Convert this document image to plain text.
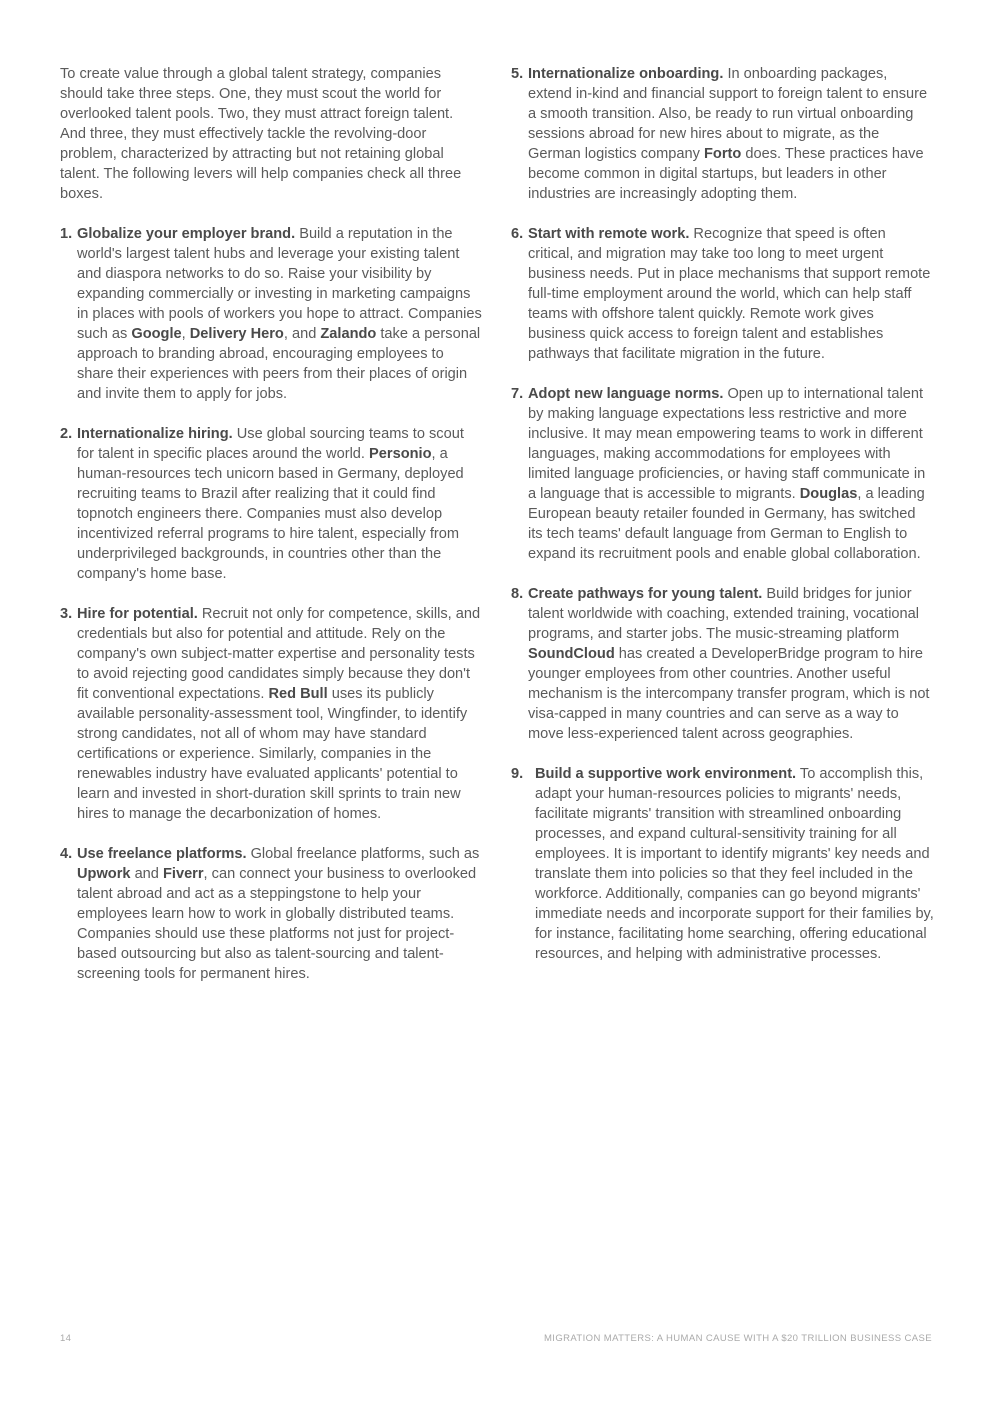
To create value through a global talent strategy, companies should take three steps. One, they must scout the world for overlooked talent pools. Two, they must attract foreign talent. And three, they must effectively tackle the revolving-door problem, characterized by attracting but not retaining global talent. The following levers will help companies check all three boxes.

1. Globalize your employer brand. Build a reputation in the world's largest talent hubs and leverage your existing talent and diaspora networks to do so. Raise your visibility by expanding commercially or investing in marketing campaigns in places with pools of workers you hope to attract. Companies such as Google, Delivery Hero, and Zalando take a personal approach to branding abroad, encouraging employees to share their experiences with peers from their places of origin and invite them to apply for jobs.
2. Internationalize hiring. Use global sourcing teams to scout for talent in specific places around the world. Personio, a human-resources tech unicorn based in Germany, deployed recruiting teams to Brazil after realizing that it could find topnotch engineers there. Companies must also develop incentivized referral programs to hire talent, especially from underprivileged backgrounds, in countries other than the company's home base.
3. Hire for potential. Recruit not only for competence, skills, and credentials but also for potential and attitude. Rely on the company's own subject-matter expertise and personality tests to avoid rejecting good candidates simply because they don't fit conventional expectations. Red Bull uses its publicly available personality-assessment tool, Wingfinder, to identify strong candidates, not all of whom may have standard certifications or experience. Similarly, companies in the renewables industry have evaluated applicants' potential to learn and invested in short-duration skill sprints to train new hires to manage the decarbonization of homes.
4. Use freelance platforms. Global freelance platforms, such as Upwork and Fiverr, can connect your business to overlooked talent abroad and act as a steppingstone to help your employees learn how to work in globally distributed teams. Companies should use these platforms not just for project-based outsourcing but also as talent-sourcing and talent-screening tools for permanent hires.
5. Internationalize onboarding. In onboarding packages, extend in-kind and financial support to foreign talent to ensure a smooth transition. Also, be ready to run virtual onboarding sessions abroad for new hires about to migrate, as the German logistics company Forto does. These practices have become common in digital startups, but leaders in other industries are increasingly adopting them.
6. Start with remote work. Recognize that speed is often critical, and migration may take too long to meet urgent business needs. Put in place mechanisms that support remote full-time employment around the world, which can help staff teams with offshore talent quickly. Remote work gives business quick access to foreign talent and establishes pathways that facilitate migration in the future.
7. Adopt new language norms. Open up to international talent by making language expectations less restrictive and more inclusive. It may mean empowering teams to work in different languages, making accommodations for employees with limited language proficiencies, or having staff communicate in a language that is accessible to migrants. Douglas, a leading European beauty retailer founded in Germany, has switched its tech teams' default language from German to English to expand its recruitment pools and enable global collaboration.
8. Create pathways for young talent. Build bridges for junior talent worldwide with coaching, extended training, vocational programs, and starter jobs. The music-streaming platform SoundCloud has created a DeveloperBridge program to hire younger employees from other countries. Another useful mechanism is the intercompany transfer program, which is not visa-capped in many countries and can serve as a way to move less-experienced talent across geographies.
9. Build a supportive work environment. To accomplish this, adapt your human-resources policies to migrants' needs, facilitate migrants' transition with streamlined onboarding processes, and expand cultural-sensitivity training for all employees. It is important to identify migrants' key needs and translate them into policies so that they feel included in the workforce. Additionally, companies can go beyond migrants' immediate needs and incorporate support for their families by, for instance, facilitating home searching, offering educational resources, and helping with administrative processes.
14	MIGRATION MATTERS: A HUMAN CAUSE WITH A $20 TRILLION BUSINESS CASE
